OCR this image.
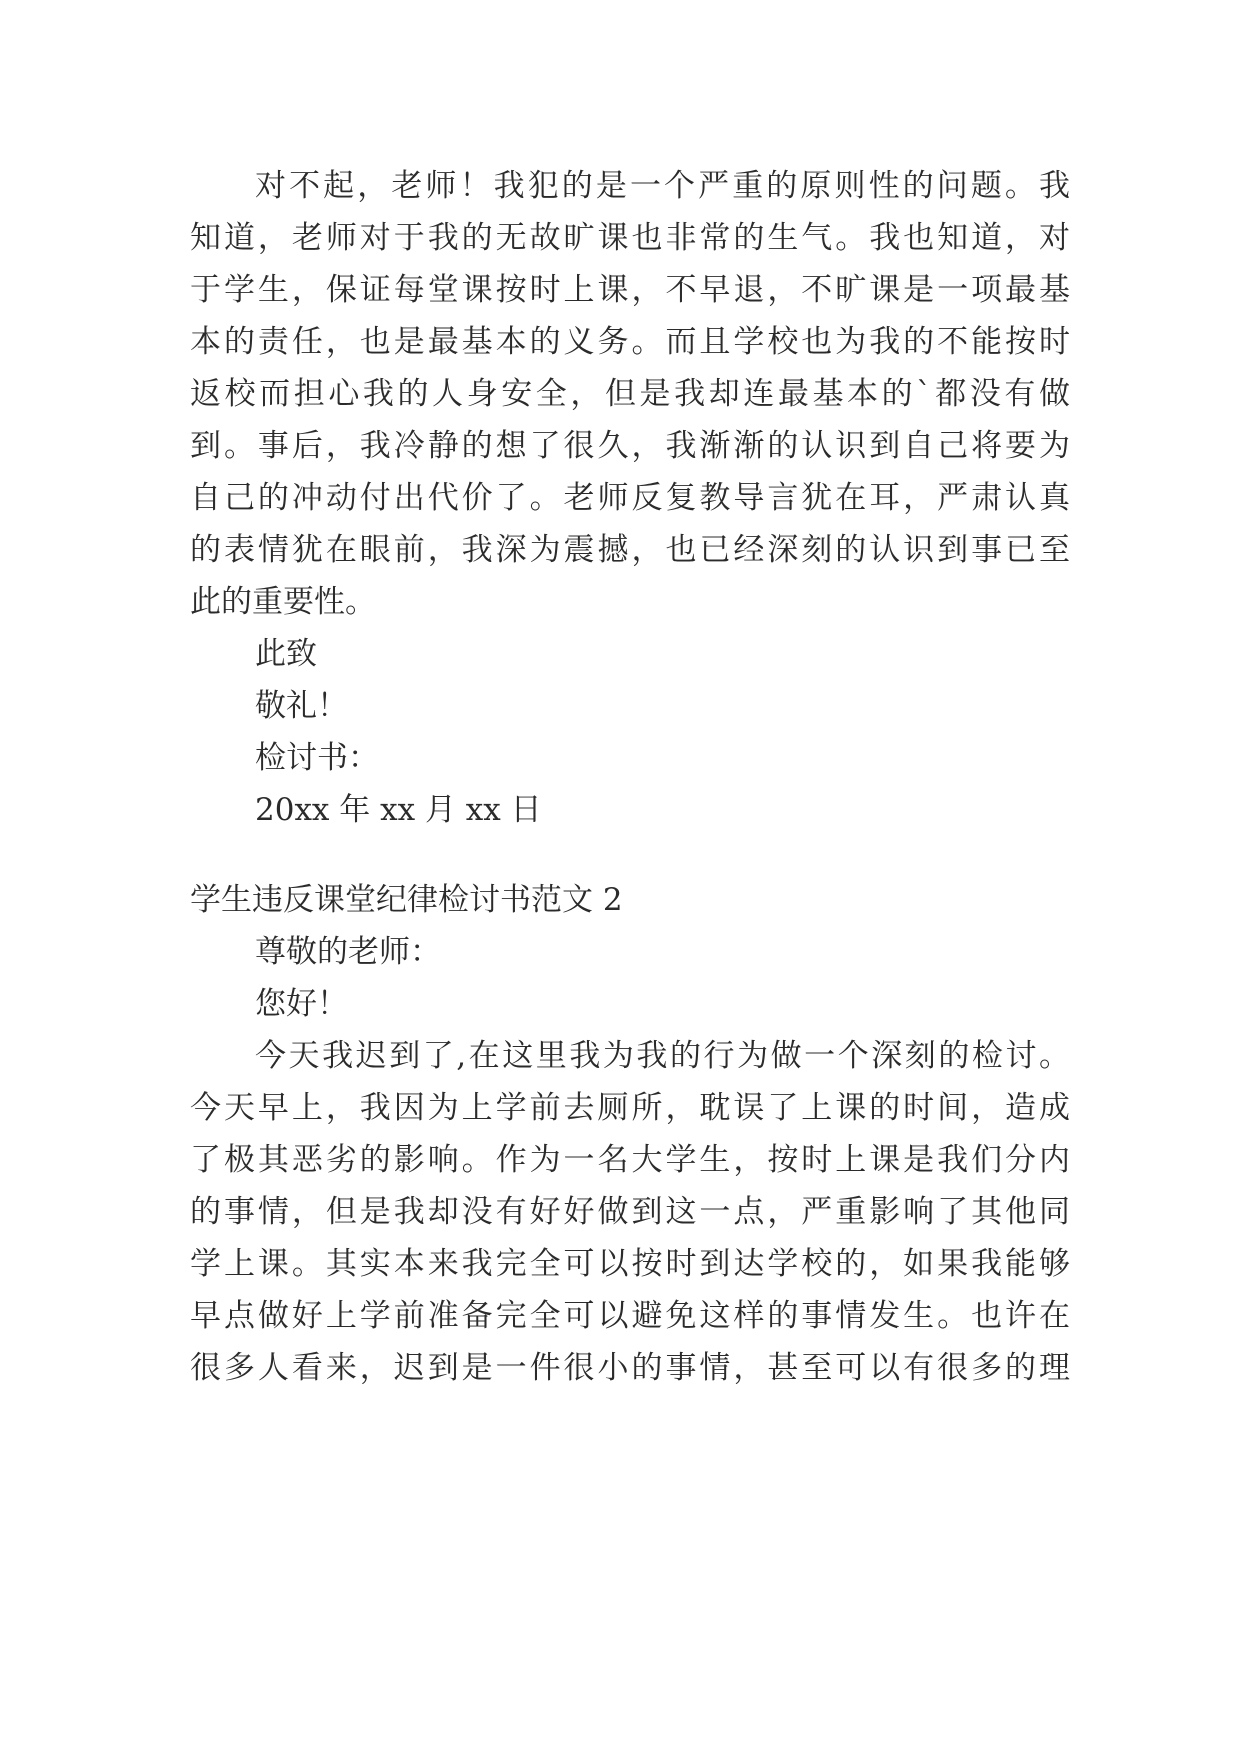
对不起，老师！我犯的是一个严重的原则性的问题。我
知道，老师对于我的无故旷课也非常的生气。我也知道，对
于学生，保证每堂课按时上课，不早退，不旷课是一项最基
本的责任，也是最基本的义务。而且学校也为我的不能按时
返校而担心我的人身安全，但是我却连最基本的`都没有做
到。事后，我冷静的想了很久，我渐渐的认识到自己将要为
自己的冲动付出代价了。老师反复教导言犹在耳，严肃认真
的表情犹在眼前，我深为震撼，也已经深刻的认识到事已至
此的重要性。
此致
敬礼！
检讨书：
20xx 年 xx 月 xx 日
学生违反课堂纪律检讨书范文 2
尊敬的老师：
您好！
今天我迟到了,在这里我为我的行为做一个深刻的检讨。
今天早上，我因为上学前去厕所，耽误了上课的时间，造成
了极其恶劣的影响。作为一名大学生，按时上课是我们分内
的事情，但是我却没有好好做到这一点，严重影响了其他同
学上课。其实本来我完全可以按时到达学校的，如果我能够
早点做好上学前准备完全可以避免这样的事情发生。也许在
很多人看来，迟到是一件很小的事情，甚至可以有很多的理
